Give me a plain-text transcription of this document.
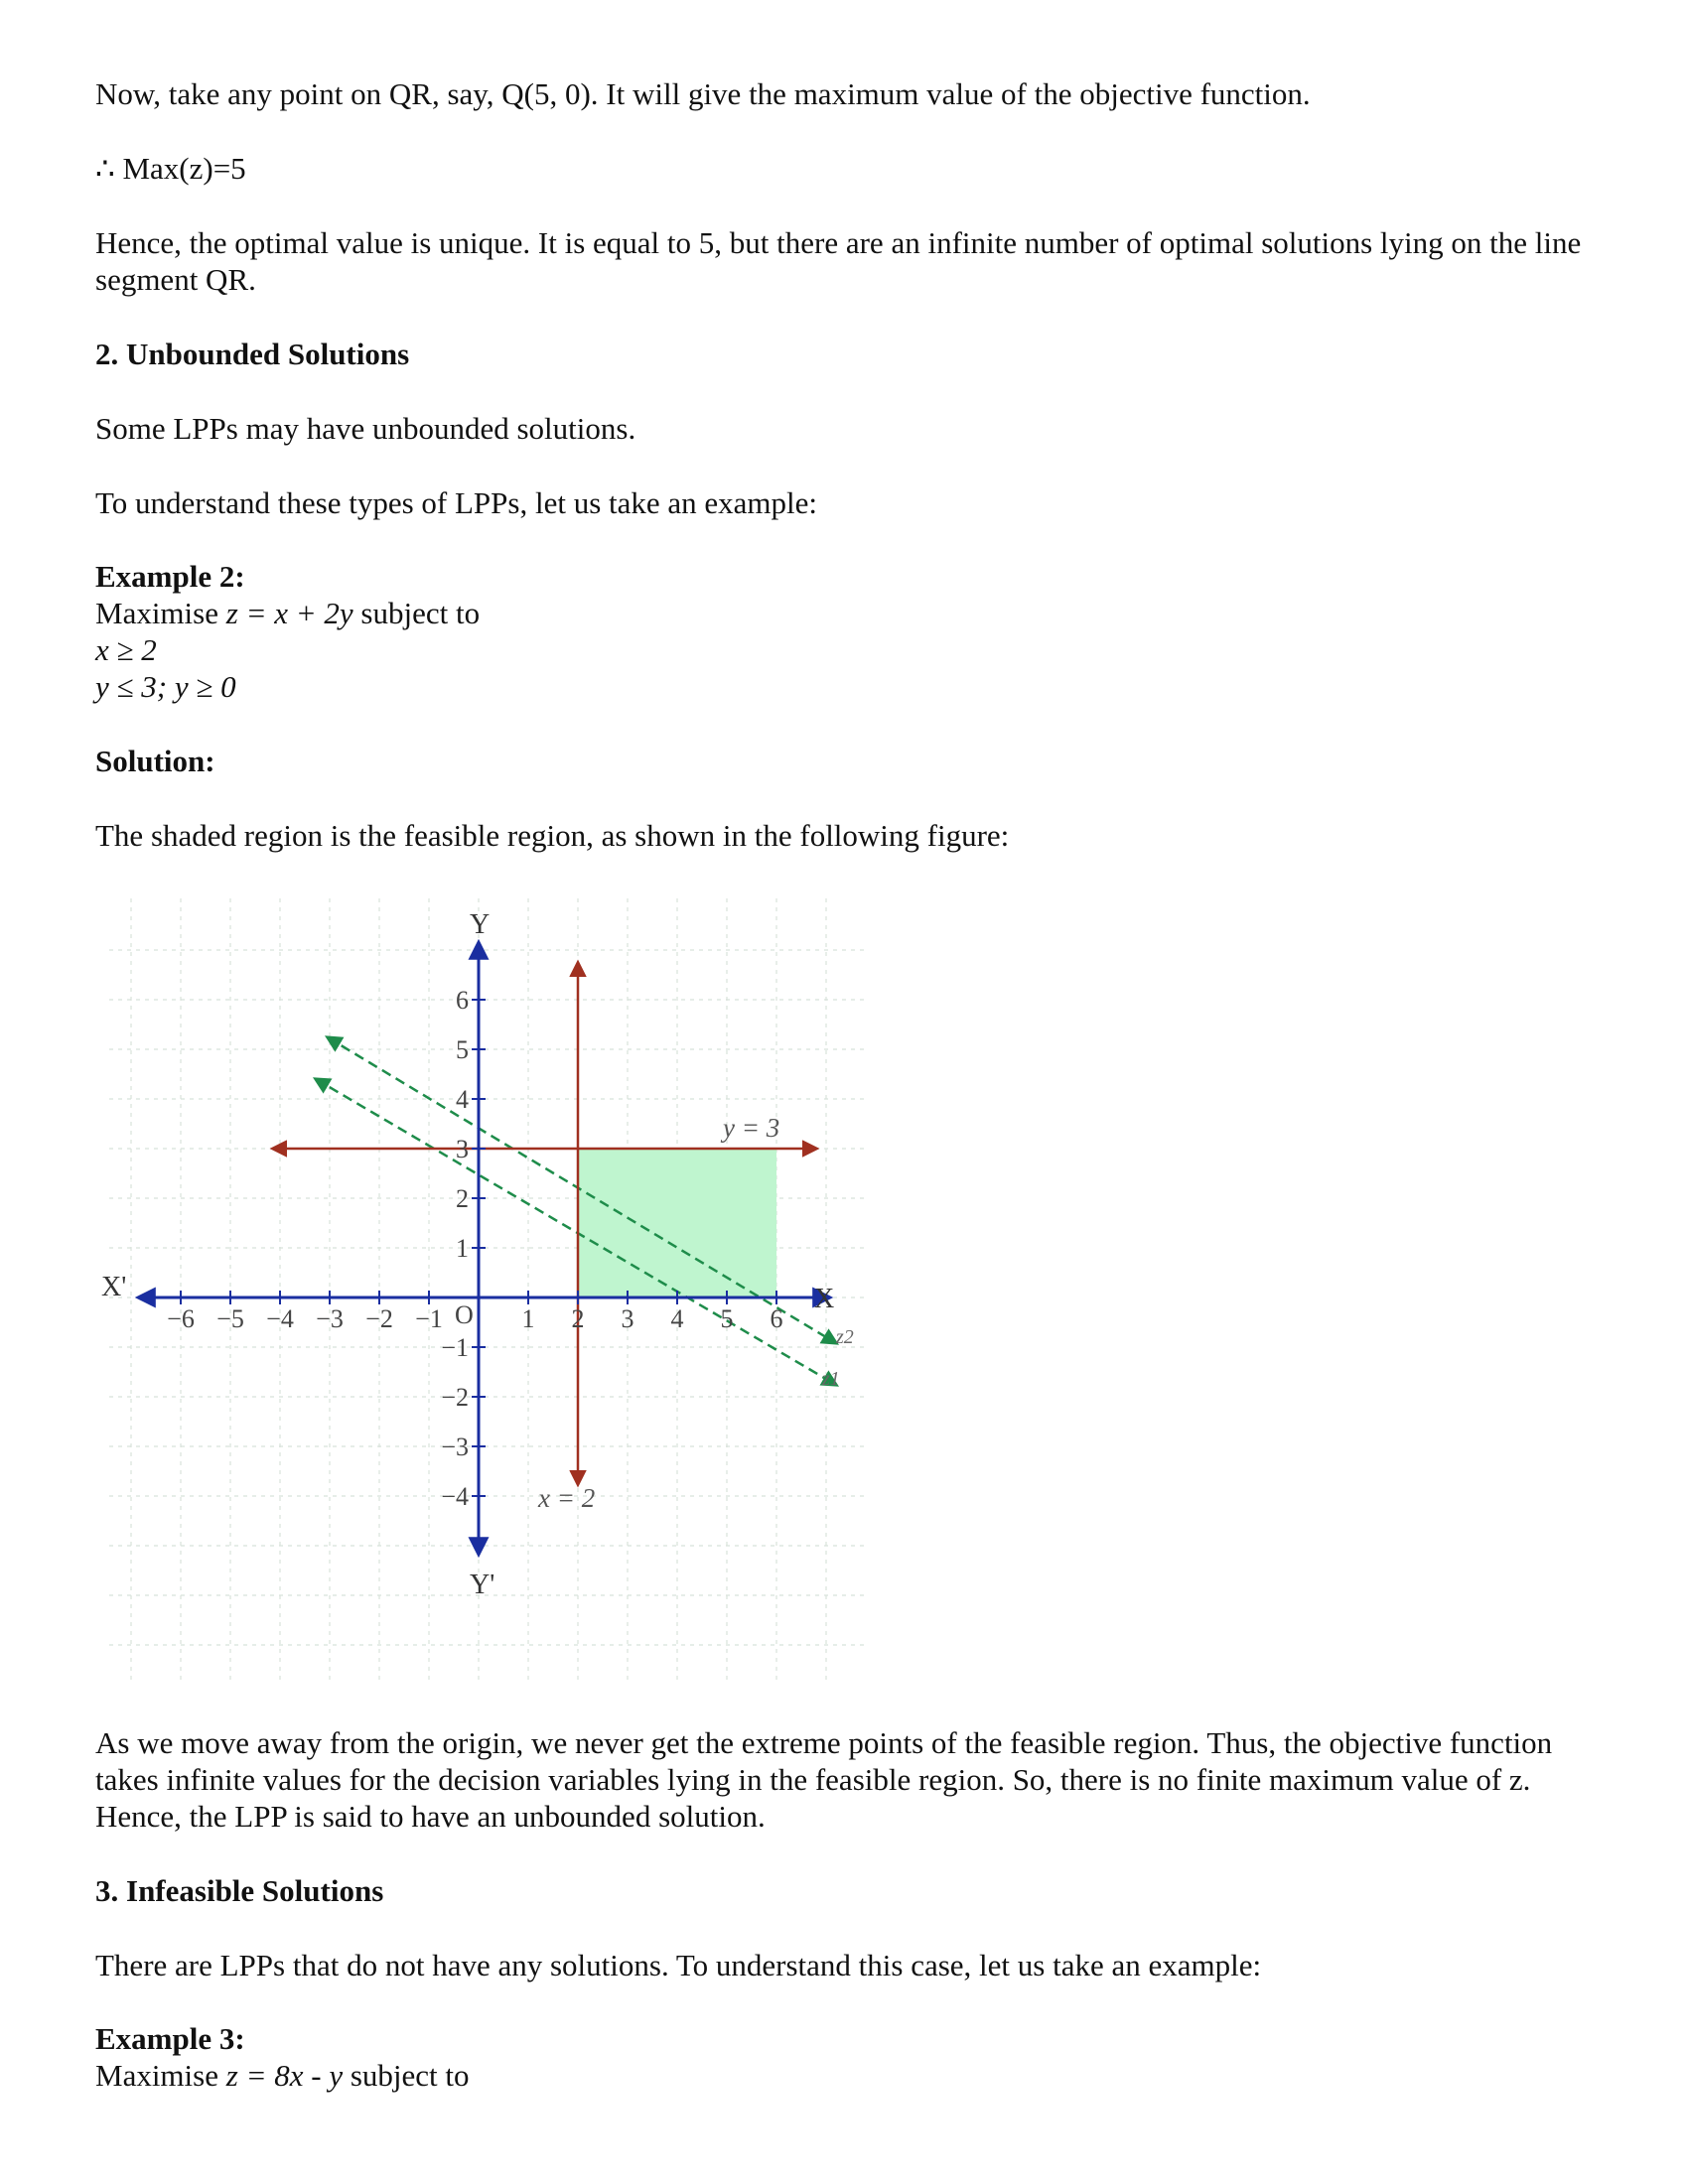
Now, take any point on QR, say, Q(5, 0). It will give the maximum value of the objective function.

∴ Max(z)=5

Hence, the optimal value is unique. It is equal to 5, but there are an infinite number of optimal solutions lying on the line segment QR.

2. Unbounded Solutions

Some LPPs may have unbounded solutions.

To understand these types of LPPs, let us take an example:

Example 2:

Maximise z = x + 2y subject to

x ≥ 2

y ≤ 3; y ≥ 0

Solution:

The shaded region is the feasible region, as shown in the following figure:

−6 −5 −4 −3 −2 −1	1 2 3 4 5 6
6
5
4
3
2
1
−1
−2
−3
−4
X
X'
Y
Y'
O
y = 3
x = 2
z2
z1

As we move away from the origin, we never get the extreme points of the feasible region. Thus, the objective function takes infinite values for the decision variables lying in the feasible region. So, there is no finite maximum value of z. Hence, the LPP is said to have an unbounded solution.

3. Infeasible Solutions

There are LPPs that do not have any solutions. To understand this case, let us take an example:

Example 3:

Maximise z = 8x - y subject to
